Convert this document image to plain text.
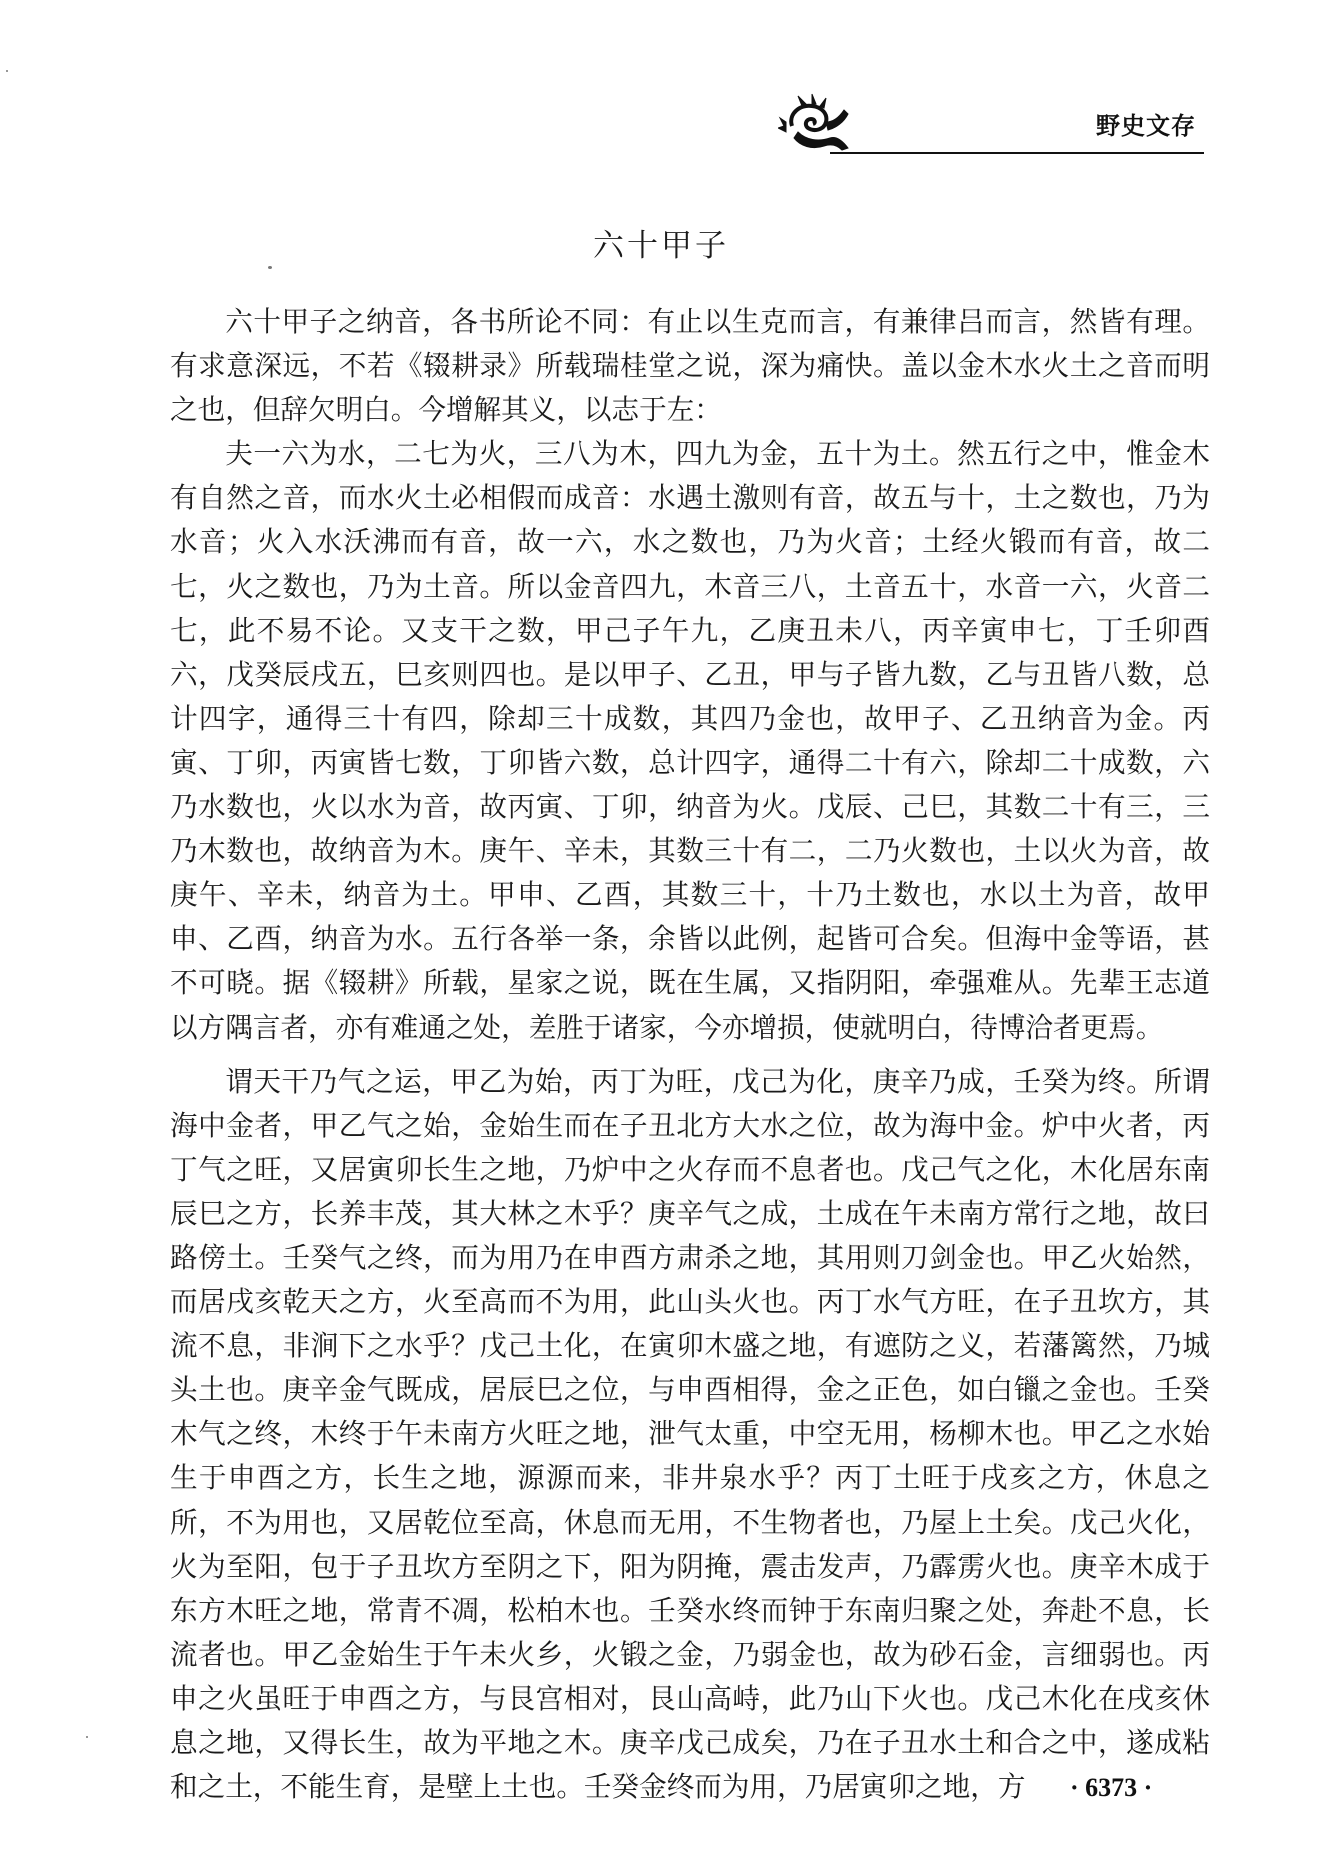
野史文存
六十甲子

六十甲子之纳音，各书所论不同：有止以生克而言，有兼律吕而言，然皆有理。有求意深远，不若《辍耕录》所载瑞桂堂之说，深为痛快。盖以金木水火土之音而明之也，但辞欠明白。今增解其义，以志于左：

夫一六为水，二七为火，三八为木，四九为金，五十为土。然五行之中，惟金木有自然之音，而水火土必相假而成音：水遇土激则有音，故五与十，土之数也，乃为水音；火入水沃沸而有音，故一六，水之数也，乃为火音；土经火锻而有音，故二七，火之数也，乃为土音。所以金音四九，木音三八，土音五十，水音一六，火音二七，此不易不论。又支干之数，甲己子午九，乙庚丑未八，丙辛寅申七，丁壬卯酉六，戊癸辰戌五，巳亥则四也。是以甲子、乙丑，甲与子皆九数，乙与丑皆八数，总计四字，通得三十有四，除却三十成数，其四乃金也，故甲子、乙丑纳音为金。丙寅、丁卯，丙寅皆七数，丁卯皆六数，总计四字，通得二十有六，除却二十成数，六乃水数也，火以水为音，故丙寅、丁卯，纳音为火。戊辰、己巳，其数二十有三，三乃木数也，故纳音为木。庚午、辛未，其数三十有二，二乃火数也，土以火为音，故庚午、辛未，纳音为土。甲申、乙酉，其数三十，十乃土数也，水以土为音，故甲申、乙酉，纳音为水。五行各举一条，余皆以此例，起皆可合矣。但海中金等语，甚不可晓。据《辍耕》所载，星家之说，既在生属，又指阴阳，牵强难从。先辈王志道以方隅言者，亦有难通之处，差胜于诸家，今亦增损，使就明白，待博洽者更焉。

谓天干乃气之运，甲乙为始，丙丁为旺，戊己为化，庚辛乃成，壬癸为终。所谓海中金者，甲乙气之始，金始生而在子丑北方大水之位，故为海中金。炉中火者，丙丁气之旺，又居寅卯长生之地，乃炉中之火存而不息者也。戊己气之化，木化居东南辰巳之方，长养丰茂，其大林之木乎？庚辛气之成，土成在午未南方常行之地，故曰路傍土。壬癸气之终，而为用乃在申酉方肃杀之地，其用则刀剑金也。甲乙火始然，而居戌亥乾天之方，火至高而不为用，此山头火也。丙丁水气方旺，在子丑坎方，其流不息，非涧下之水乎？戊己土化，在寅卯木盛之地，有遮防之义，若藩篱然，乃城头土也。庚辛金气既成，居辰巳之位，与申酉相得，金之正色，如白镴之金也。壬癸木气之终，木终于午未南方火旺之地，泄气太重，中空无用，杨柳木也。甲乙之水始生于申酉之方，长生之地，源源而来，非井泉水乎？丙丁土旺于戌亥之方，休息之所，不为用也，又居乾位至高，休息而无用，不生物者也，乃屋上土矣。戊己火化，火为至阳，包于子丑坎方至阴之下，阳为阴掩，震击发声，乃霹雳火也。庚辛木成于东方木旺之地，常青不凋，松柏木也。壬癸水终而钟于东南归聚之处，奔赴不息，长流者也。甲乙金始生于午未火乡，火锻之金，乃弱金也，故为砂石金，言细弱也。丙申之火虽旺于申酉之方，与艮宫相对，艮山高峙，此乃山下火也。戊己木化在戌亥休息之地，又得长生，故为平地之木。庚辛戊己成矣，乃在子丑水土和合之中，遂成粘和之土，不能生育，是壁上土也。壬癸金终而为用，乃居寅卯之地，方	· 6373 ·
